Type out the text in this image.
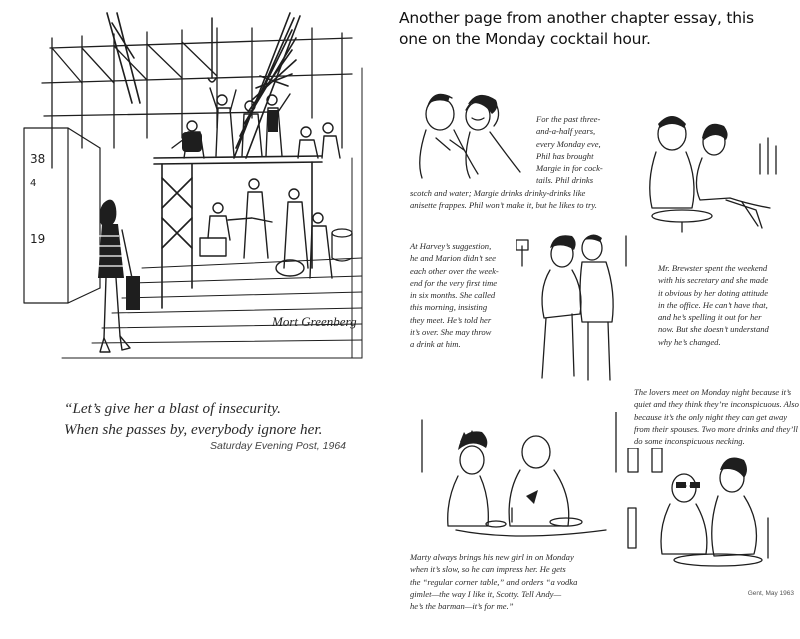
38
4
19
Mort Greenberg
“Let’s give her a blast of insecurity.
When she passes by, everybody ignore her.
Saturday Evening Post, 1964
Another page from another chapter essay, this
one on the Monday cocktail hour.
For the past three-
and-a-half years,
every Monday eve,
Phil has brought
Margie in for cock-
tails. Phil drinks
scotch and water; Margie drinks drinky-drinks like
anisette frappes. Phil won’t make it, but he likes to try.
Mr. Brewster spent the weekend
with his secretary and she made
it obvious by her doting attitude
in the office. He can’t have that,
and he’s spelling it out for her
now. But she doesn’t understand
why he’s changed.
At Harvey’s suggestion,
he and Marion didn’t see
each other over the week-
end for the very first time
in six months. She called
this morning, insisting
they meet. He’s told her
it’s over. She may throw
a drink at him.
The lovers meet on Monday night because it’s
quiet and they think they’re inconspicuous. Also
because it’s the only night they can get away
from their spouses. Two more drinks and they’ll
do some inconspicuous necking.
Marty always brings his new girl in on Monday
when it’s slow, so he can impress her. He gets
the “regular corner table,” and orders “a vodka
gimlet—the way I like it, Scotty. Tell Andy—
he’s the barman—it’s for me.”
Gent, May 1963
